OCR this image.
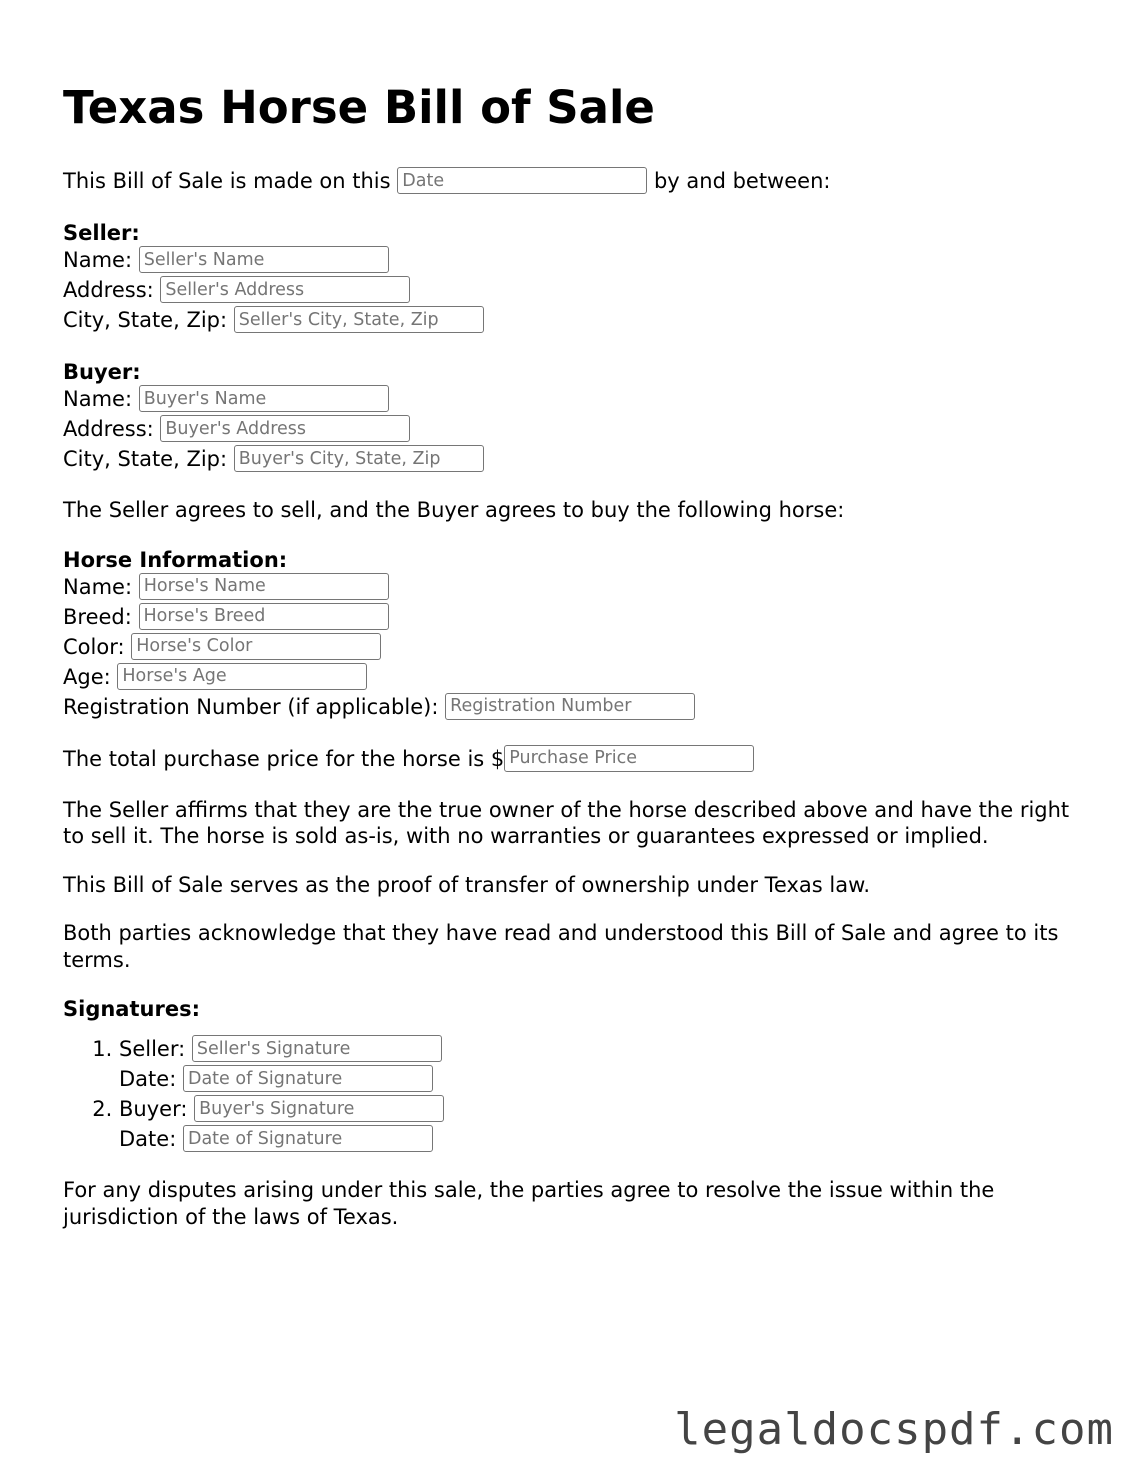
Texas Horse Bill of Sale

This Bill of Sale is made on this Date	by and between:

Seller:
Name: Seller's Name
Address: Seller's Address
City, State, Zip: Seller's City, State, Zip
Buyer:
Name: Buyer's Name
Address: Buyer's Address
City, State, Zip: Buyer's City, State, Zip

The Seller agrees to sell, and the Buyer agrees to buy the following horse:

Horse Information:
Name: Horse's Name
Breed: Horse's Breed
Color: Horse's Color
Age: Horse's Age
Registration Number (if applicable): Registration Number

The total purchase price for the horse is $Purchase Price

The Seller affirms that they are the true owner of the horse described above and have the right to sell it. The horse is sold as-is, with no warranties or guarantees expressed or implied.

This Bill of Sale serves as the proof of transfer of ownership under Texas law.

Both parties acknowledge that they have read and understood this Bill of Sale and agree to its terms.

Signatures:
1. Seller: Seller's Signature
Date: Date of Signature
2. Buyer: Buyer's Signature
Date: Date of Signature

For any disputes arising under this sale, the parties agree to resolve the issue within the jurisdiction of the laws of Texas.

legaldocspdf.com
